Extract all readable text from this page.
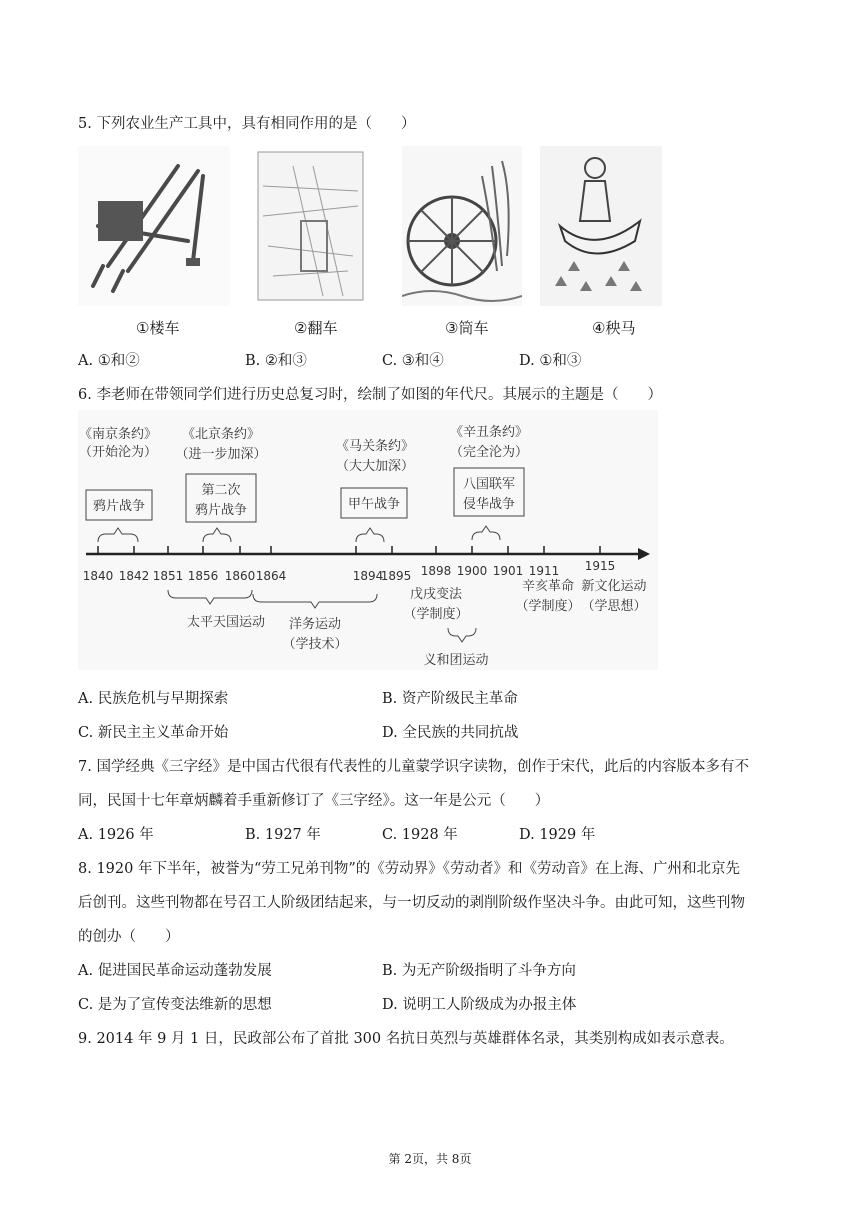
5. 下列农业生产工具中，具有相同作用的是（　　）
①楼车	②翻车	③筒车	④秧马
A. ①和②	B. ②和③	C. ③和④	D. ①和③
6. 李老师在带领同学们进行历史总复习时，绘制了如图的年代尺。其展示的主题是（　　）
《南京条约》
（开始沦为）
鸦片战争
《北京条约》
（进一步加深）
第二次
鸦片战争
《马关条约》
（大大加深）
甲午战争
《辛丑条约》
（完全沦为）
八国联军
侵华战争
1840 1842 1851 1856 1860 1864	1894
1895 1898 1900 1901 1911 1915
太平天国运动 洋务运动
（学技术）
戊戌变法
（学制度）
义和团运动
辛亥革命
（学制度）
新文化运动
（学思想）
A. 民族危机与早期探索	B. 资产阶级民主革命
C. 新民主主义革命开始	D. 全民族的共同抗战
7. 国学经典《三字经》是中国古代很有代表性的儿童蒙学识字读物，创作于宋代，此后的内容版本多有不
同，民国十七年章炳麟着手重新修订了《三字经》。这一年是公元（　　）
A. 1926 年	B. 1927 年	C. 1928 年	D. 1929 年
8. 1920 年下半年，被誉为“劳工兄弟刊物”的《劳动界》《劳动者》和《劳动音》在上海、广州和北京先
后创刊。这些刊物都在号召工人阶级团结起来，与一切反动的剥削阶级作坚决斗争。由此可知，这些刊物
的创办（　　）
A. 促进国民革命运动蓬勃发展	B. 为无产阶级指明了斗争方向
C. 是为了宣传变法维新的思想	D. 说明工人阶级成为办报主体
9. 2014 年 9 月 1 日，民政部公布了首批 300 名抗日英烈与英雄群体名录，其类别构成如表示意表。
第 2页，共 8页
